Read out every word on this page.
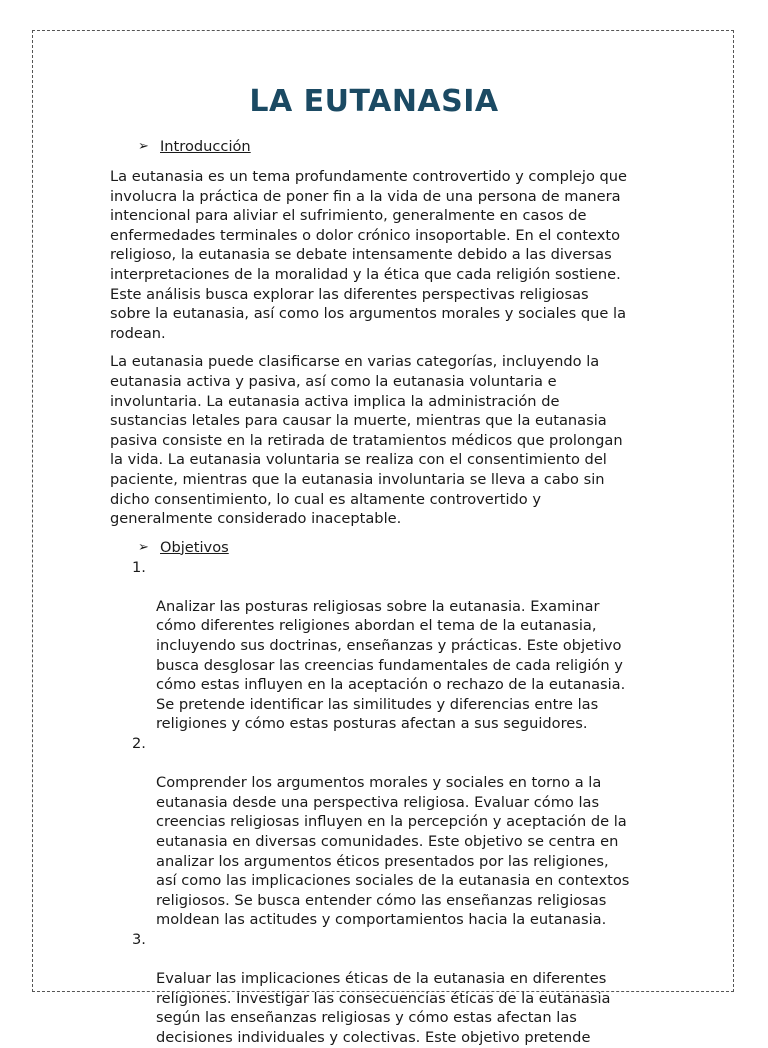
LA EUTANASIA
➢ Introducción

La eutanasia es un tema profundamente controvertido y complejo que
involucra la práctica de poner fin a la vida de una persona de manera
intencional para aliviar el sufrimiento, generalmente en casos de
enfermedades terminales o dolor crónico insoportable. En el contexto
religioso, la eutanasia se debate intensamente debido a las diversas
interpretaciones de la moralidad y la ética que cada religión sostiene.
Este análisis busca explorar las diferentes perspectivas religiosas
sobre la eutanasia, así como los argumentos morales y sociales que la
rodean.

La eutanasia puede clasificarse en varias categorías, incluyendo la
eutanasia activa y pasiva, así como la eutanasia voluntaria e
involuntaria. La eutanasia activa implica la administración de
sustancias letales para causar la muerte, mientras que la eutanasia
pasiva consiste en la retirada de tratamientos médicos que prolongan
la vida. La eutanasia voluntaria se realiza con el consentimiento del
paciente, mientras que la eutanasia involuntaria se lleva a cabo sin
dicho consentimiento, lo cual es altamente controvertido y
generalmente considerado inaceptable.

➢ Objetivos

1.

Analizar las posturas religiosas sobre la eutanasia. Examinar
cómo diferentes religiones abordan el tema de la eutanasia,
incluyendo sus doctrinas, enseñanzas y prácticas. Este objetivo
busca desglosar las creencias fundamentales de cada religión y
cómo estas influyen en la aceptación o rechazo de la eutanasia.
Se pretende identificar las similitudes y diferencias entre las
religiones y cómo estas posturas afectan a sus seguidores.

2.

Comprender los argumentos morales y sociales en torno a la
eutanasia desde una perspectiva religiosa. Evaluar cómo las
creencias religiosas influyen en la percepción y aceptación de la
eutanasia en diversas comunidades. Este objetivo se centra en
analizar los argumentos éticos presentados por las religiones,
así como las implicaciones sociales de la eutanasia en contextos
religiosos. Se busca entender cómo las enseñanzas religiosas
moldean las actitudes y comportamientos hacia la eutanasia.

3.

Evaluar las implicaciones éticas de la eutanasia en diferentes
religiones. Investigar las consecuencias éticas de la eutanasia
según las enseñanzas religiosas y cómo estas afectan las
decisiones individuales y colectivas. Este objetivo pretende
